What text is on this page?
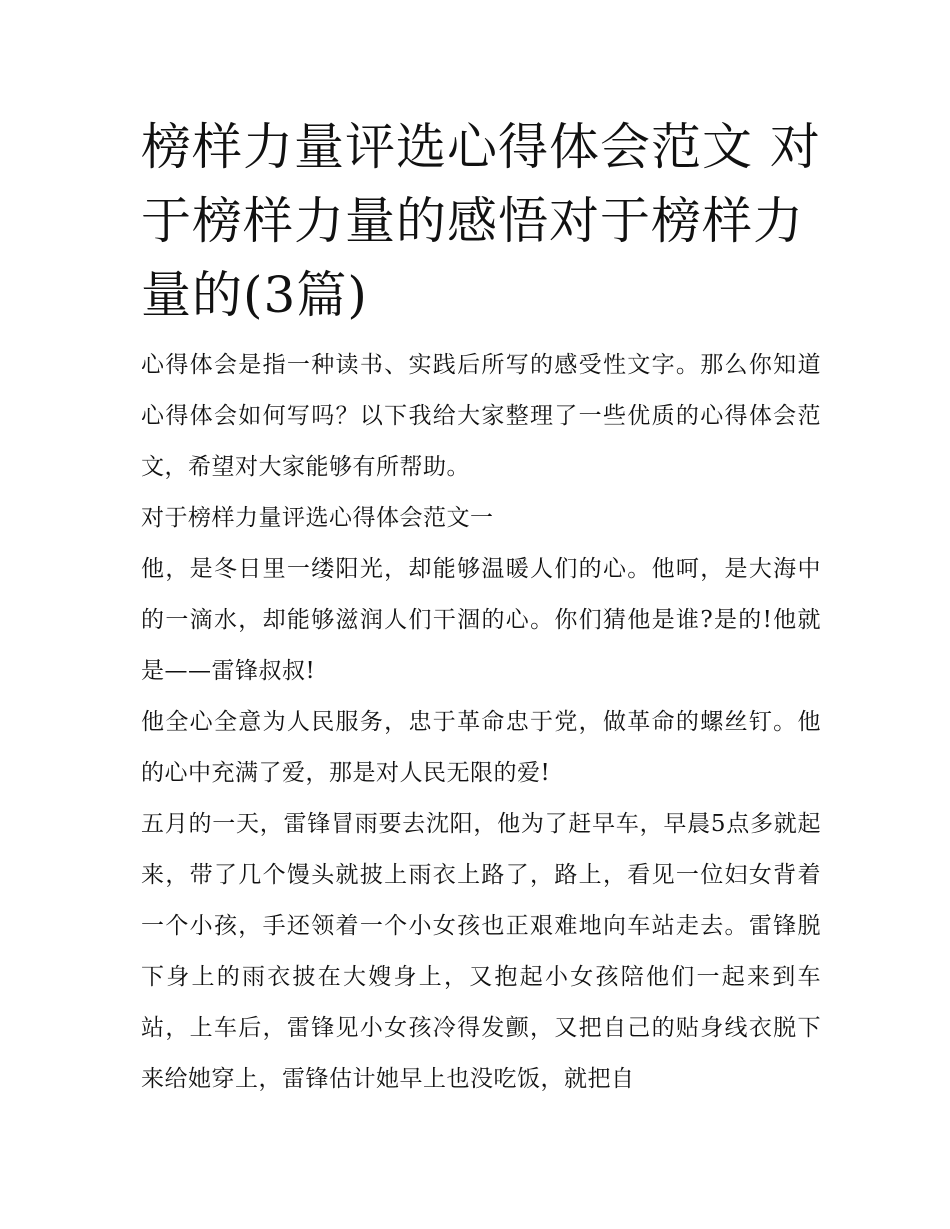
榜样力量评选心得体会范文 对于榜样力量的感悟对于榜样力量的(3篇)

心得体会是指一种读书、实践后所写的感受性文字。那么你知道心得体会如何写吗？以下我给大家整理了一些优质的心得体会范文，希望对大家能够有所帮助。

对于榜样力量评选心得体会范文一

他，是冬日里一缕阳光，却能够温暖人们的心。他呵，是大海中的一滴水，却能够滋润人们干涸的心。你们猜他是谁?是的!他就是——雷锋叔叔!

他全心全意为人民服务，忠于革命忠于党，做革命的螺丝钉。他的心中充满了爱，那是对人民无限的爱!

五月的一天，雷锋冒雨要去沈阳，他为了赶早车，早晨5点多就起来，带了几个馒头就披上雨衣上路了，路上，看见一位妇女背着一个小孩，手还领着一个小女孩也正艰难地向车站走去。雷锋脱下身上的雨衣披在大嫂身上，又抱起小女孩陪他们一起来到车站，上车后，雷锋见小女孩冷得发颤，又把自己的贴身线衣脱下来给她穿上，雷锋估计她早上也没吃饭，就把自
